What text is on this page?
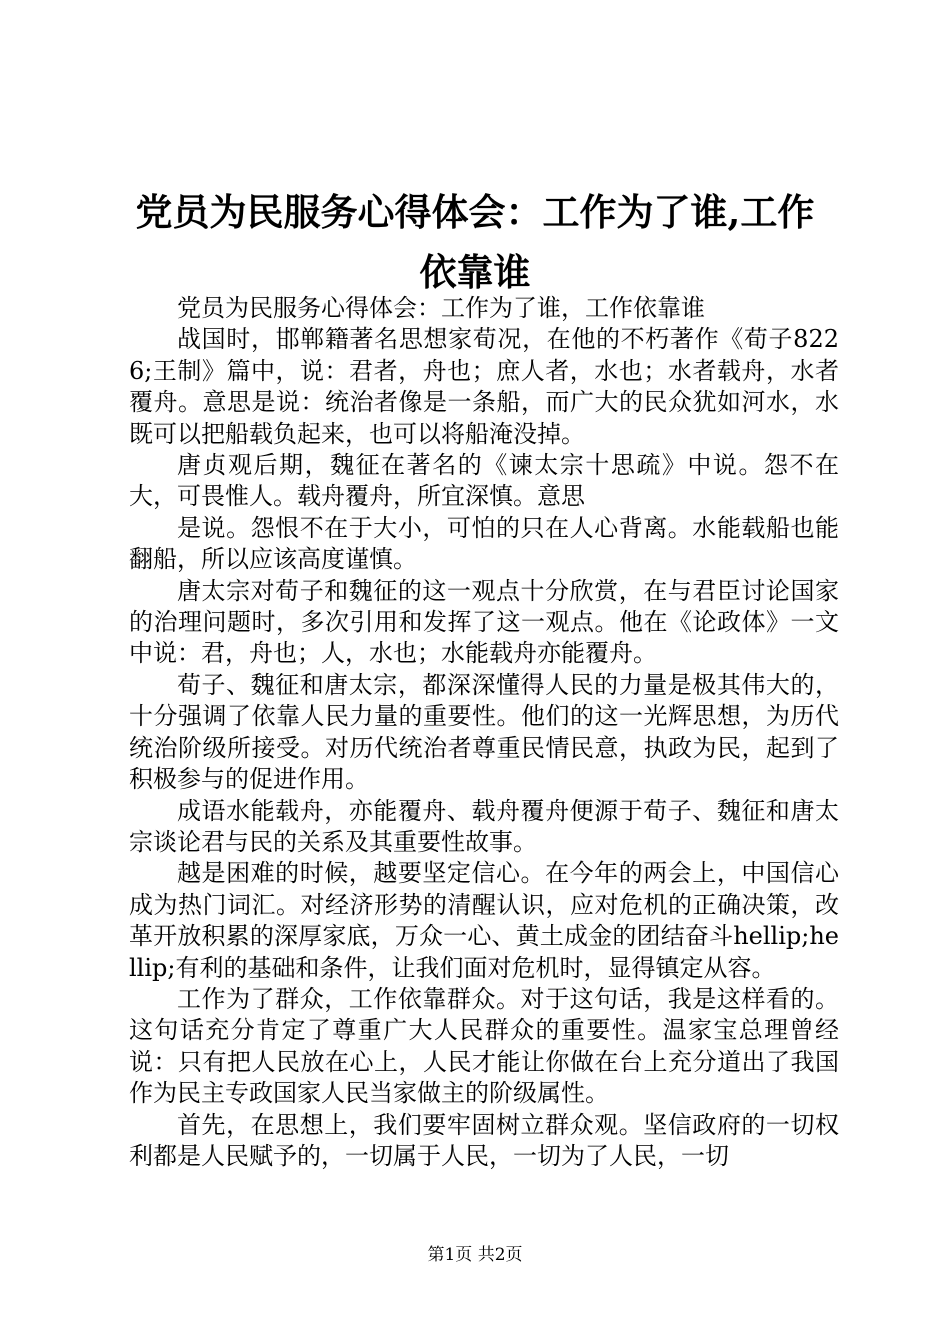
党员为民服务心得体会：工作为了谁,工作依靠谁

党员为民服务心得体会：工作为了谁，工作依靠谁

战国时，邯郸籍著名思想家荀况，在他的不朽著作《荀子8226;王制》篇中，说：君者，舟也；庶人者，水也；水者载舟，水者覆舟。意思是说：统治者像是一条船，而广大的民众犹如河水，水既可以把船载负起来，也可以将船淹没掉。

唐贞观后期，魏征在著名的《谏太宗十思疏》中说。怨不在大，可畏惟人。载舟覆舟，所宜深慎。意思

是说。怨恨不在于大小，可怕的只在人心背离。水能载船也能翻船，所以应该高度谨慎。

唐太宗对荀子和魏征的这一观点十分欣赏，在与君臣讨论国家的治理问题时，多次引用和发挥了这一观点。他在《论政体》一文中说：君，舟也；人，水也；水能载舟亦能覆舟。

荀子、魏征和唐太宗，都深深懂得人民的力量是极其伟大的，十分强调了依靠人民力量的重要性。他们的这一光辉思想，为历代统治阶级所接受。对历代统治者尊重民情民意，执政为民，起到了积极参与的促进作用。

成语水能载舟，亦能覆舟、载舟覆舟便源于荀子、魏征和唐太宗谈论君与民的关系及其重要性故事。

越是困难的时候，越要坚定信心。在今年的两会上，中国信心成为热门词汇。对经济形势的清醒认识，应对危机的正确决策，改革开放积累的深厚家底，万众一心、黄土成金的团结奋斗hellip;hellip;有利的基础和条件，让我们面对危机时，显得镇定从容。

工作为了群众，工作依靠群众。对于这句话，我是这样看的。这句话充分肯定了尊重广大人民群众的重要性。温家宝总理曾经说：只有把人民放在心上，人民才能让你做在台上充分道出了我国作为民主专政国家人民当家做主的阶级属性。

首先，在思想上，我们要牢固树立群众观。坚信政府的一切权利都是人民赋予的，一切属于人民，一切为了人民，一切

第1页 共2页
